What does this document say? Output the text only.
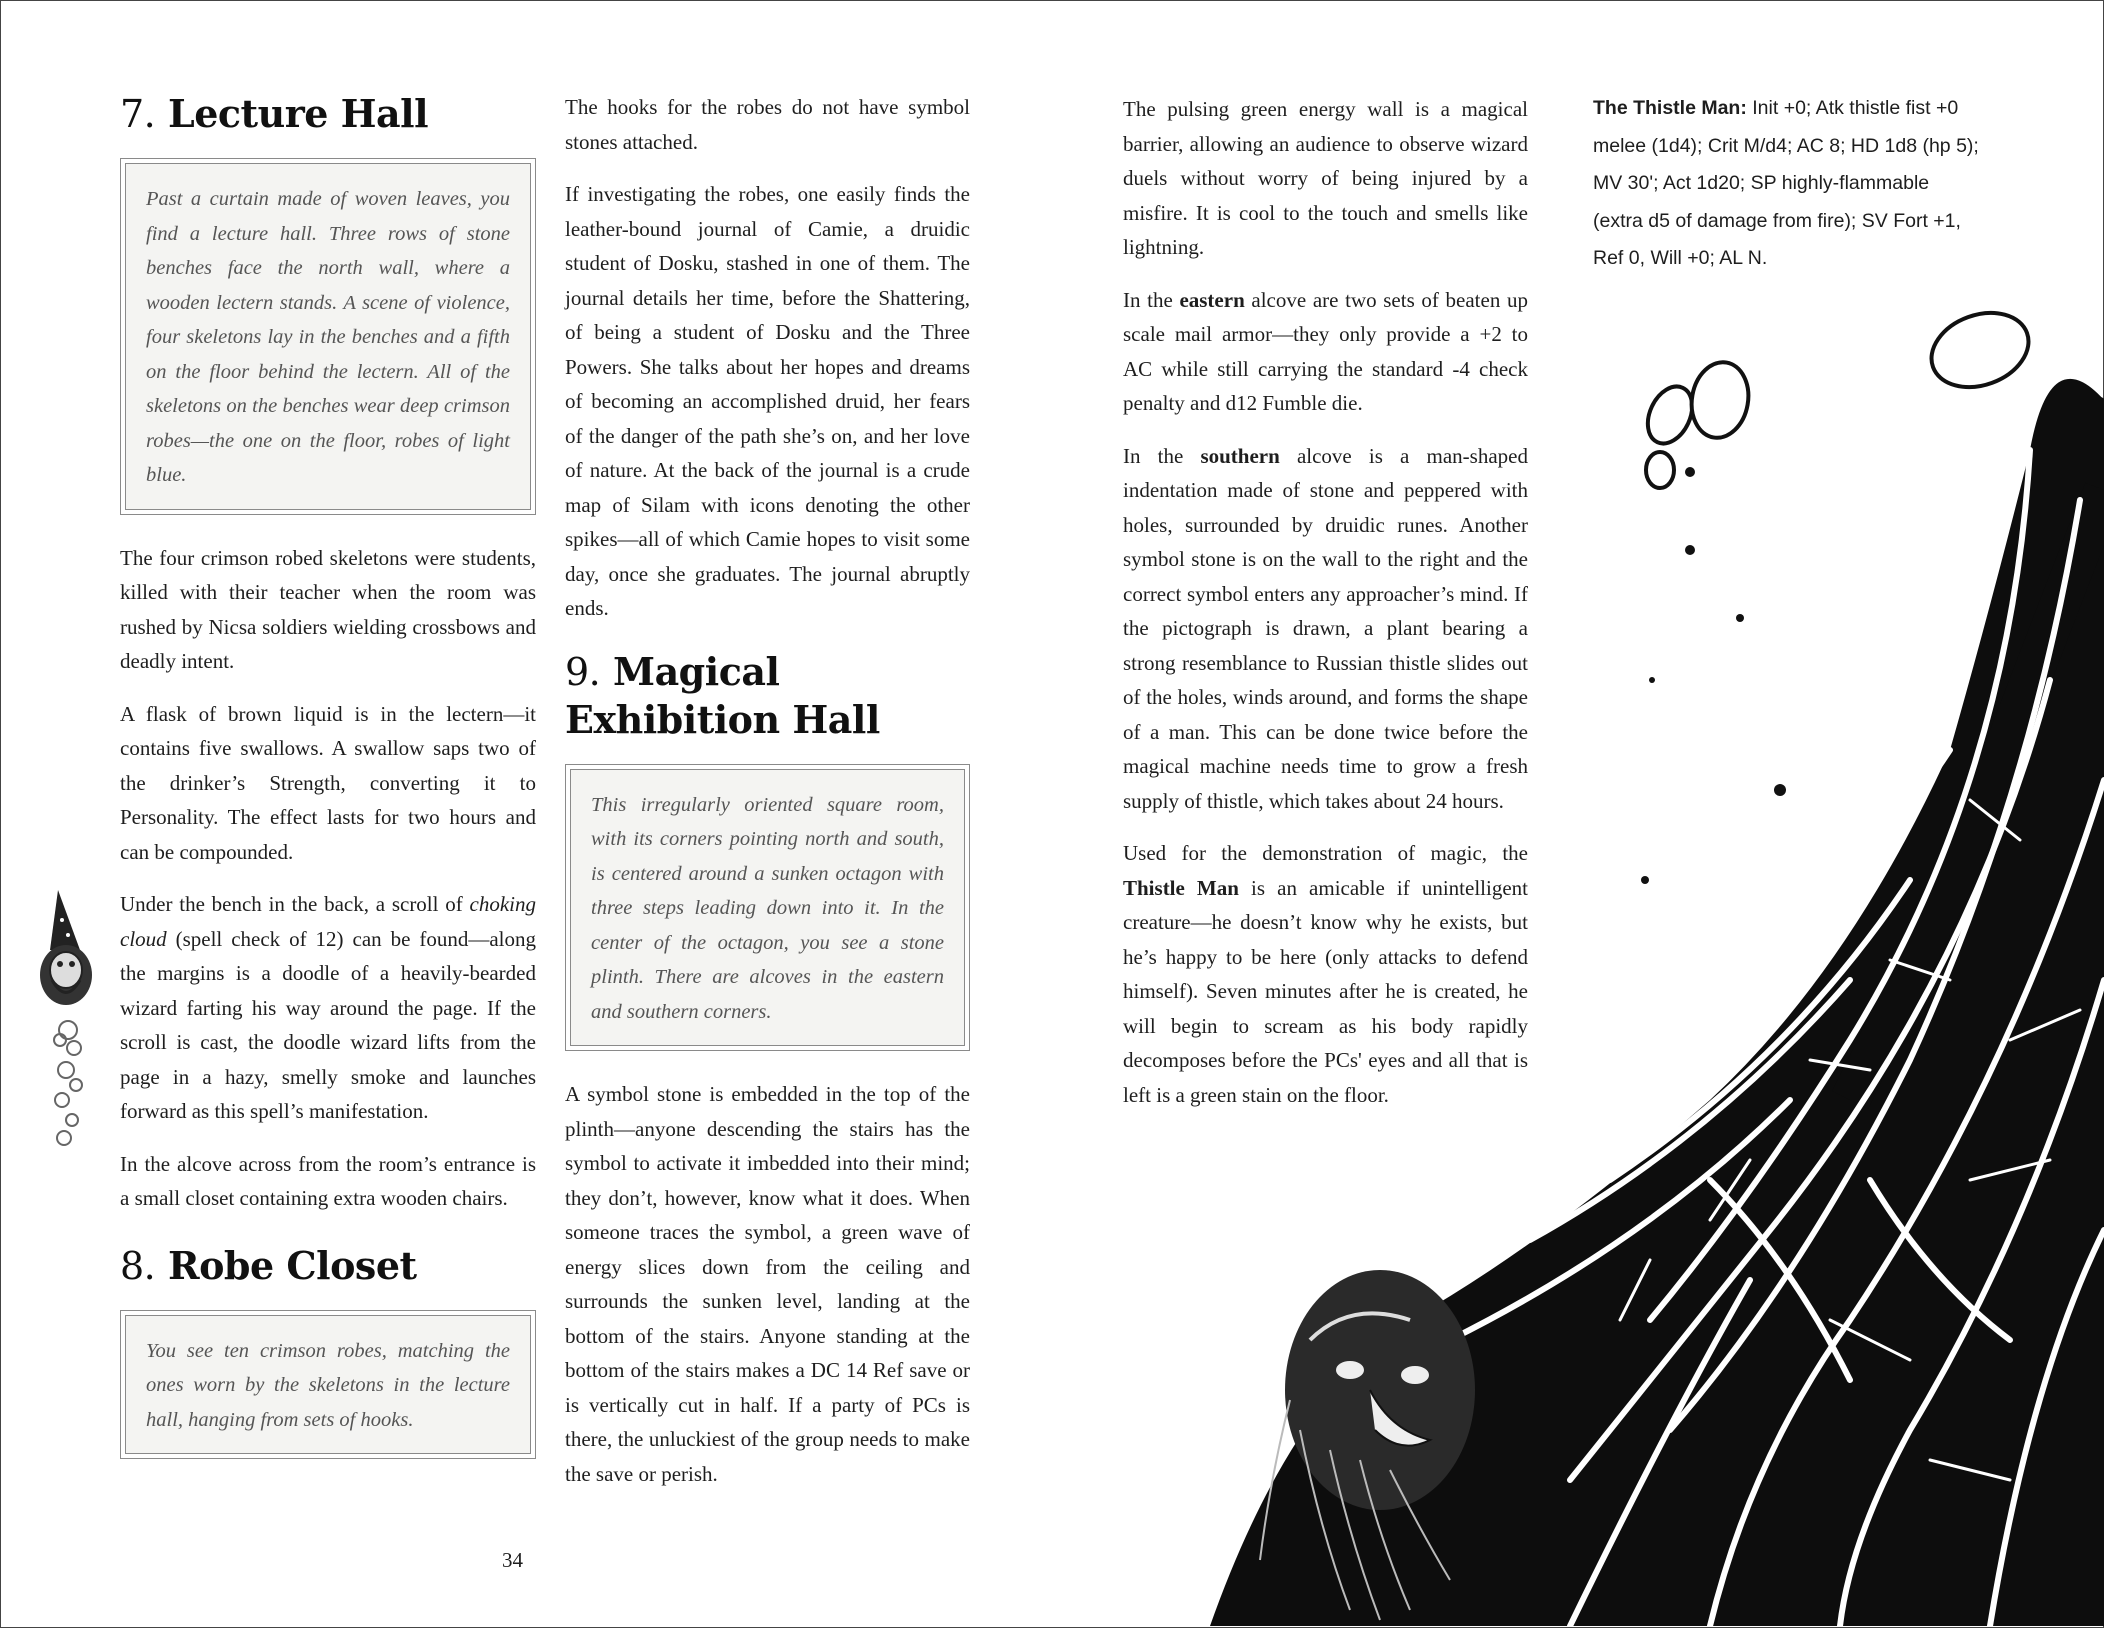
7. Lecture Hall
Past a curtain made of woven leaves, you find a lecture hall. Three rows of stone benches face the north wall, where a wooden lectern stands. A scene of violence, four skeletons lay in the benches and a fifth on the floor behind the lectern. All of the skeletons on the benches wear deep crimson robes—the one on the floor, robes of light blue.

The four crimson robed skeletons were students, killed with their teacher when the room was rushed by Nicsa soldiers wielding crossbows and deadly intent.

A flask of brown liquid is in the lectern—it contains five swallows. A swallow saps two of the drinker’s Strength, converting it to Personality. The effect lasts for two hours and can be compounded.

Under the bench in the back, a scroll of choking cloud (spell check of 12) can be found—along the margins is a doodle of a heavily-bearded wizard farting his way around the page. If the scroll is cast, the doodle wizard lifts from the page in a hazy, smelly smoke and launches forward as this spell’s manifestation.

In the alcove across from the room’s entrance is a small closet containing extra wooden chairs.

8. Robe Closet
You see ten crimson robes, matching the ones worn by the skeletons in the lecture hall, hanging from sets of hooks.

The hooks for the robes do not have symbol stones attached.

If investigating the robes, one easily finds the leather-bound journal of Camie, a druidic student of Dosku, stashed in one of them. The journal details her time, before the Shattering, of being a student of Dosku and the Three Powers. She talks about her hopes and dreams of becoming an accomplished druid, her fears of the danger of the path she’s on, and her love of nature. At the back of the journal is a crude map of Silam with icons denoting the other spikes—all of which Camie hopes to visit some day, once she graduates. The journal abruptly ends.

9. Magical Exhibition Hall
This irregularly oriented square room, with its corners pointing north and south, is centered around a sunken octagon with three steps leading down into it. In the center of the octagon, you see a stone plinth. There are alcoves in the eastern and southern corners.

A symbol stone is embedded in the top of the plinth—anyone descending the stairs has the symbol to activate it imbedded into their mind; they don’t, however, know what it does. When someone traces the symbol, a green wave of energy slices down from the ceiling and surrounds the sunken level, landing at the bottom of the stairs. Anyone standing at the bottom of the stairs makes a DC 14 Ref save or is vertically cut in half. If a party of PCs is there, the unluckiest of the group needs to make the save or perish.

The pulsing green energy wall is a magical barrier, allowing an audience to observe wizard duels without worry of being injured by a misfire. It is cool to the touch and smells like lightning.

In the eastern alcove are two sets of beaten up scale mail armor—they only provide a +2 to AC while still carrying the standard -4 check penalty and d12 Fumble die.

In the southern alcove is a man-shaped indentation made of stone and peppered with holes, surrounded by druidic runes. Another symbol stone is on the wall to the right and the correct symbol enters any approacher’s mind. If the pictograph is drawn, a plant bearing a strong resemblance to Russian thistle slides out of the holes, winds around, and forms the shape of a man. This can be done twice before the magical machine needs time to grow a fresh supply of thistle, which takes about 24 hours.

Used for the demonstration of magic, the Thistle Man is an amicable if unintelligent creature—he doesn’t know why he exists, but he’s happy to be here (only attacks to defend himself). Seven minutes after he is created, he will begin to scream as his body rapidly decomposes before the PCs' eyes and all that is left is a green stain on the floor.

The Thistle Man: Init +0; Atk thistle fist +0 melee (1d4); Crit M/d4; AC 8; HD 1d8 (hp 5); MV 30'; Act 1d20; SP highly-flammable (extra d5 of damage from fire); SV Fort +1, Ref 0, Will +0; AL N.

34
